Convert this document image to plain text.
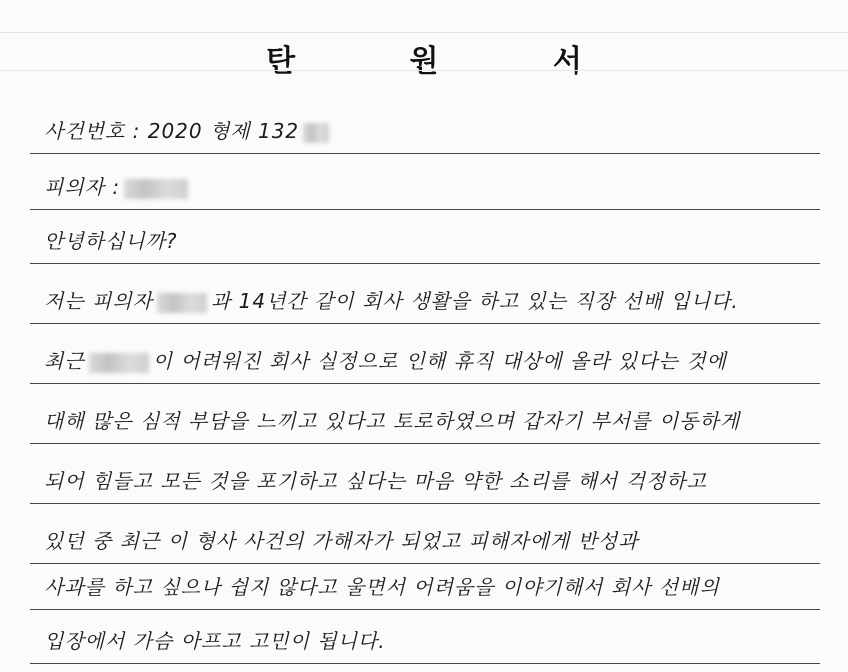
탄 원 서
사건번호 : 2020 형제 132
피의자 :
안녕하십니까?
저는 피의자	과 14년간 같이 회사 생활을 하고 있는 직장 선배 입니다.
최근	이 어려워진 회사 실정으로 인해 휴직 대상에 올라 있다는 것에
대해 많은 심적 부담을 느끼고 있다고 토로하였으며 갑자기 부서를 이동하게
되어 힘들고 모든 것을 포기하고 싶다는 마음 약한 소리를 해서 걱정하고
있던 중 최근 이 형사 사건의 가해자가 되었고 피해자에게 반성과
사과를 하고 싶으나 쉽지 않다고 울면서 어려움을 이야기해서 회사 선배의
입장에서 가슴 아프고 고민이 됩니다.
